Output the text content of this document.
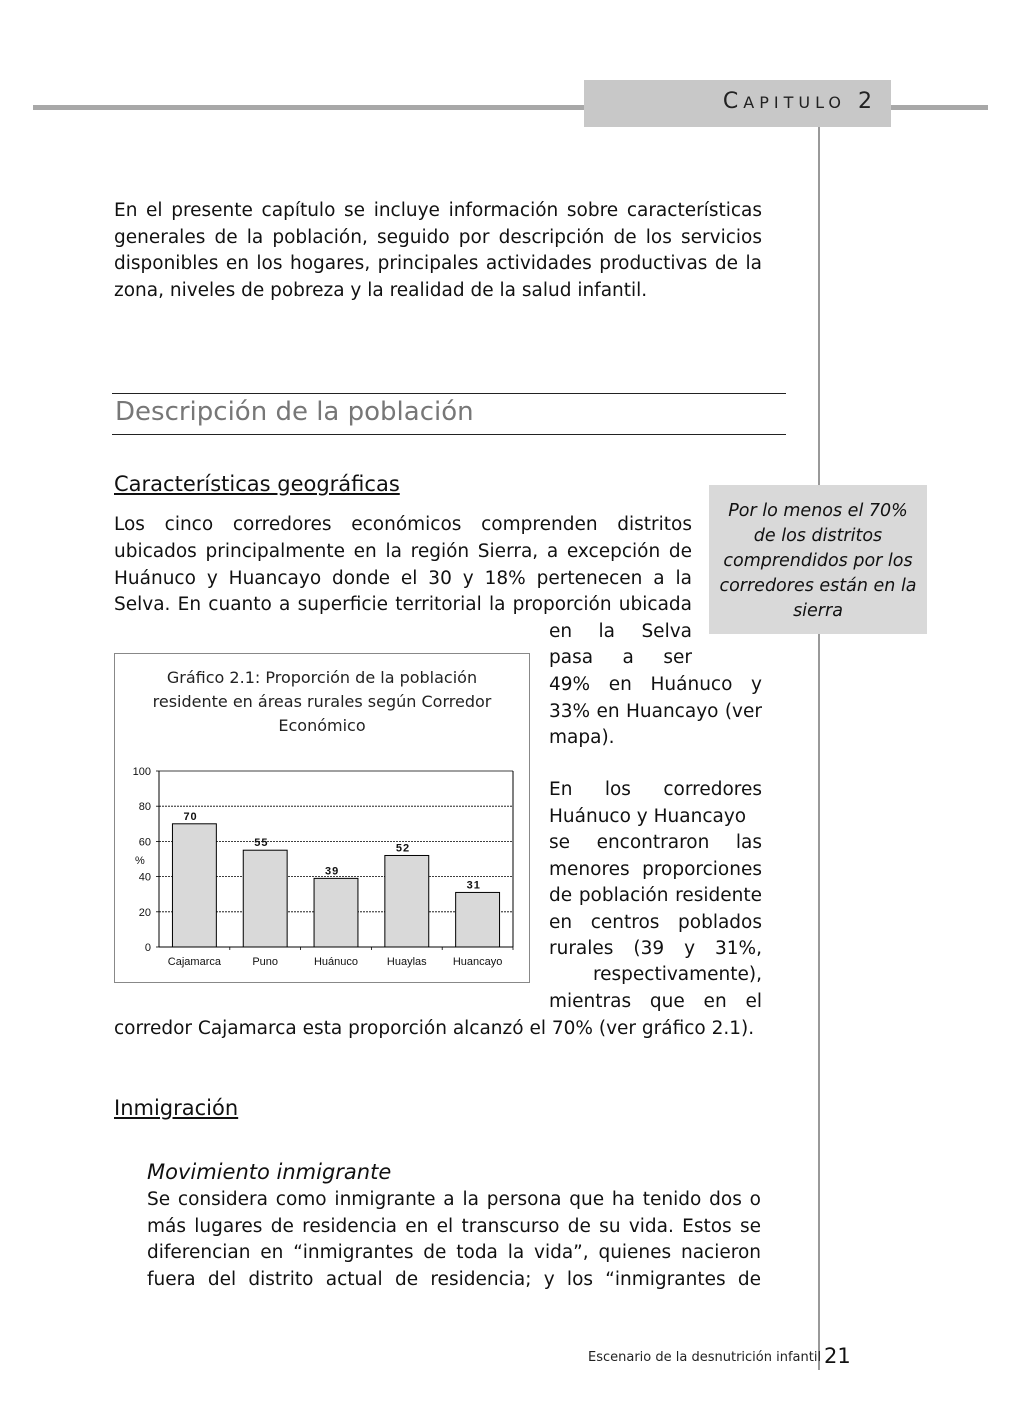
CAPITULO 2
En el presente capítulo se incluye información sobre características generales de la población, seguido por descripción de los servicios disponibles en los hogares, principales actividades productivas de la zona, niveles de pobreza y la realidad de la salud infantil.
Descripción de la población
Características geográficas
Los cinco corredores económicos comprenden distritos
ubicados principalmente en la región Sierra, a excepción de
Huánuco y Huancayo donde el 30 y 18% pertenecen a la
Selva. En cuanto a superficie territorial la proporción ubicada
en la Selva
pasa a ser
49% en Huánuco y
33% en Huancayo (ver
mapa).
En los corredores
Huánuco y Huancayo
se encontraron las
menores proporciones
de población residente
en centros poblados
rurales (39 y 31%,
respectivamente),
mientras que en el
corredor Cajamarca esta proporción alcanzó el 70% (ver gráfico 2.1).
Por lo menos el 70% de los distritos comprendidos por los corredores están en la sierra
Gráfico 2.1: Proporción de la población
residente en áreas rurales según Corredor
Económico
0
20
40
60
80
100
%
70
Cajamarca
55
Puno
39
Huánuco
52
Huaylas
31
Huancayo
Inmigración
Movimiento inmigrante
Se considera como inmigrante a la persona que ha tenido dos o más lugares de residencia en el transcurso de su vida. Estos se diferencian en “inmigrantes de toda la vida”, quienes nacieron fuera del distrito actual de residencia; y los “inmigrantes de
Escenario de la desnutrición infantil 21
